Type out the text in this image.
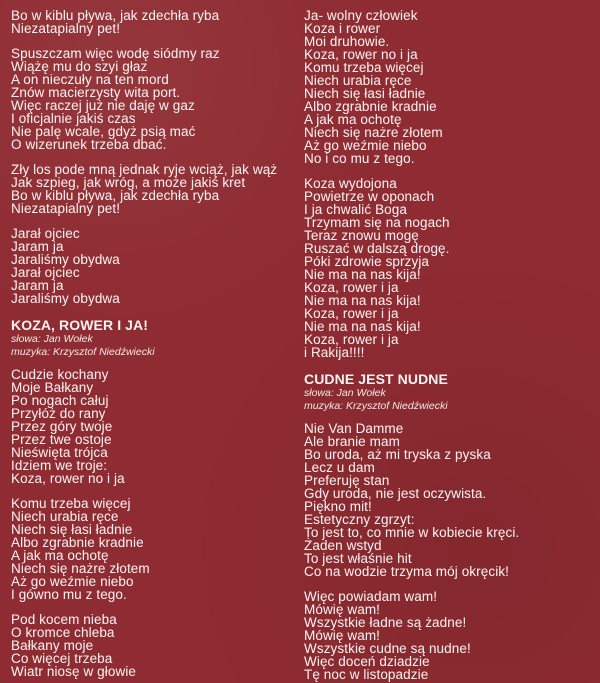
Bo w kiblu pływa, jak zdechła ryba
Niezatapialny pet!
Spuszczam więc wodę siódmy raz
Wiążę mu do szyi głaz
A on nieczuły na ten mord
Znów macierzysty wita port.
Więc raczej już nie daję w gaz
I oficjalnie jakiś czas
Nie palę wcale, gdyż psią mać
O wizerunek trzeba dbać.
Zły los pode mną jednak ryje wciąż, jak wąż
Jak szpieg, jak wróg, a może jakiś kret
Bo w kiblu pływa, jak zdechła ryba
Niezatapialny pet!
Jarał ojciec
Jaram ja
Jaraliśmy obydwa
Jarał ojciec
Jaram ja
Jaraliśmy obydwa
KOZA, ROWER I JA!
słowa: Jan Wołek
muzyka: Krzysztof Niedźwiecki
Cudzie kochany
Moje Bałkany
Po nogach całuj
Przyłóż do rany
Przez góry twoje
Przez twe ostoje
Nieświęta trójca
Idziem we troje:
Koza, rower no i ja
Komu trzeba więcej
Niech urabia ręce
Niech się łasi ładnie
Albo zgrabnie kradnie
A jak ma ochotę
Niech się nażre złotem
Aż go weźmie niebo
I gówno mu z tego.
Pod kocem nieba
O kromce chleba
Bałkany moje
Co więcej trzeba
Wiatr niosę w głowie
Ja- wolny człowiek
Koza i rower
Moi druhowie.
Koza, rower no i ja
Komu trzeba więcej
Niech urabia ręce
Niech się łasi ładnie
Albo zgrabnie kradnie
A jak ma ochotę
Niech się nażre złotem
Aż go weźmie niebo
No i co mu z tego.
Koza wydojona
Powietrze w oponach
I ja chwalić Boga
Trzymam się na nogach
Teraz znowu mogę
Ruszać w dalszą drogę.
Póki zdrowie sprzyja
Nie ma na nas kija!
Koza, rower i ja
Nie ma na nas kija!
Koza, rower i ja
Nie ma na nas kija!
Koza, rower i ja
i Rakija!!!!
CUDNE JEST NUDNE
słowa: Jan Wołek
muzyka: Krzysztof Niedźwiecki
Nie Van Damme
Ale branie mam
Bo uroda, aż mi tryska z pyska
Lecz u dam
Preferuję stan
Gdy uroda, nie jest oczywista.
Piękno mit!
Estetyczny zgrzyt:
To jest to, co mnie w kobiecie kręci.
Żaden wstyd
To jest właśnie hit
Co na wodzie trzyma mój okręcik!
Więc powiadam wam!
Mówię wam!
Wszystkie ładne są żadne!
Mówię wam!
Wszystkie cudne są nudne!
Więc doceń dziadzie
Tę noc w listopadzie
